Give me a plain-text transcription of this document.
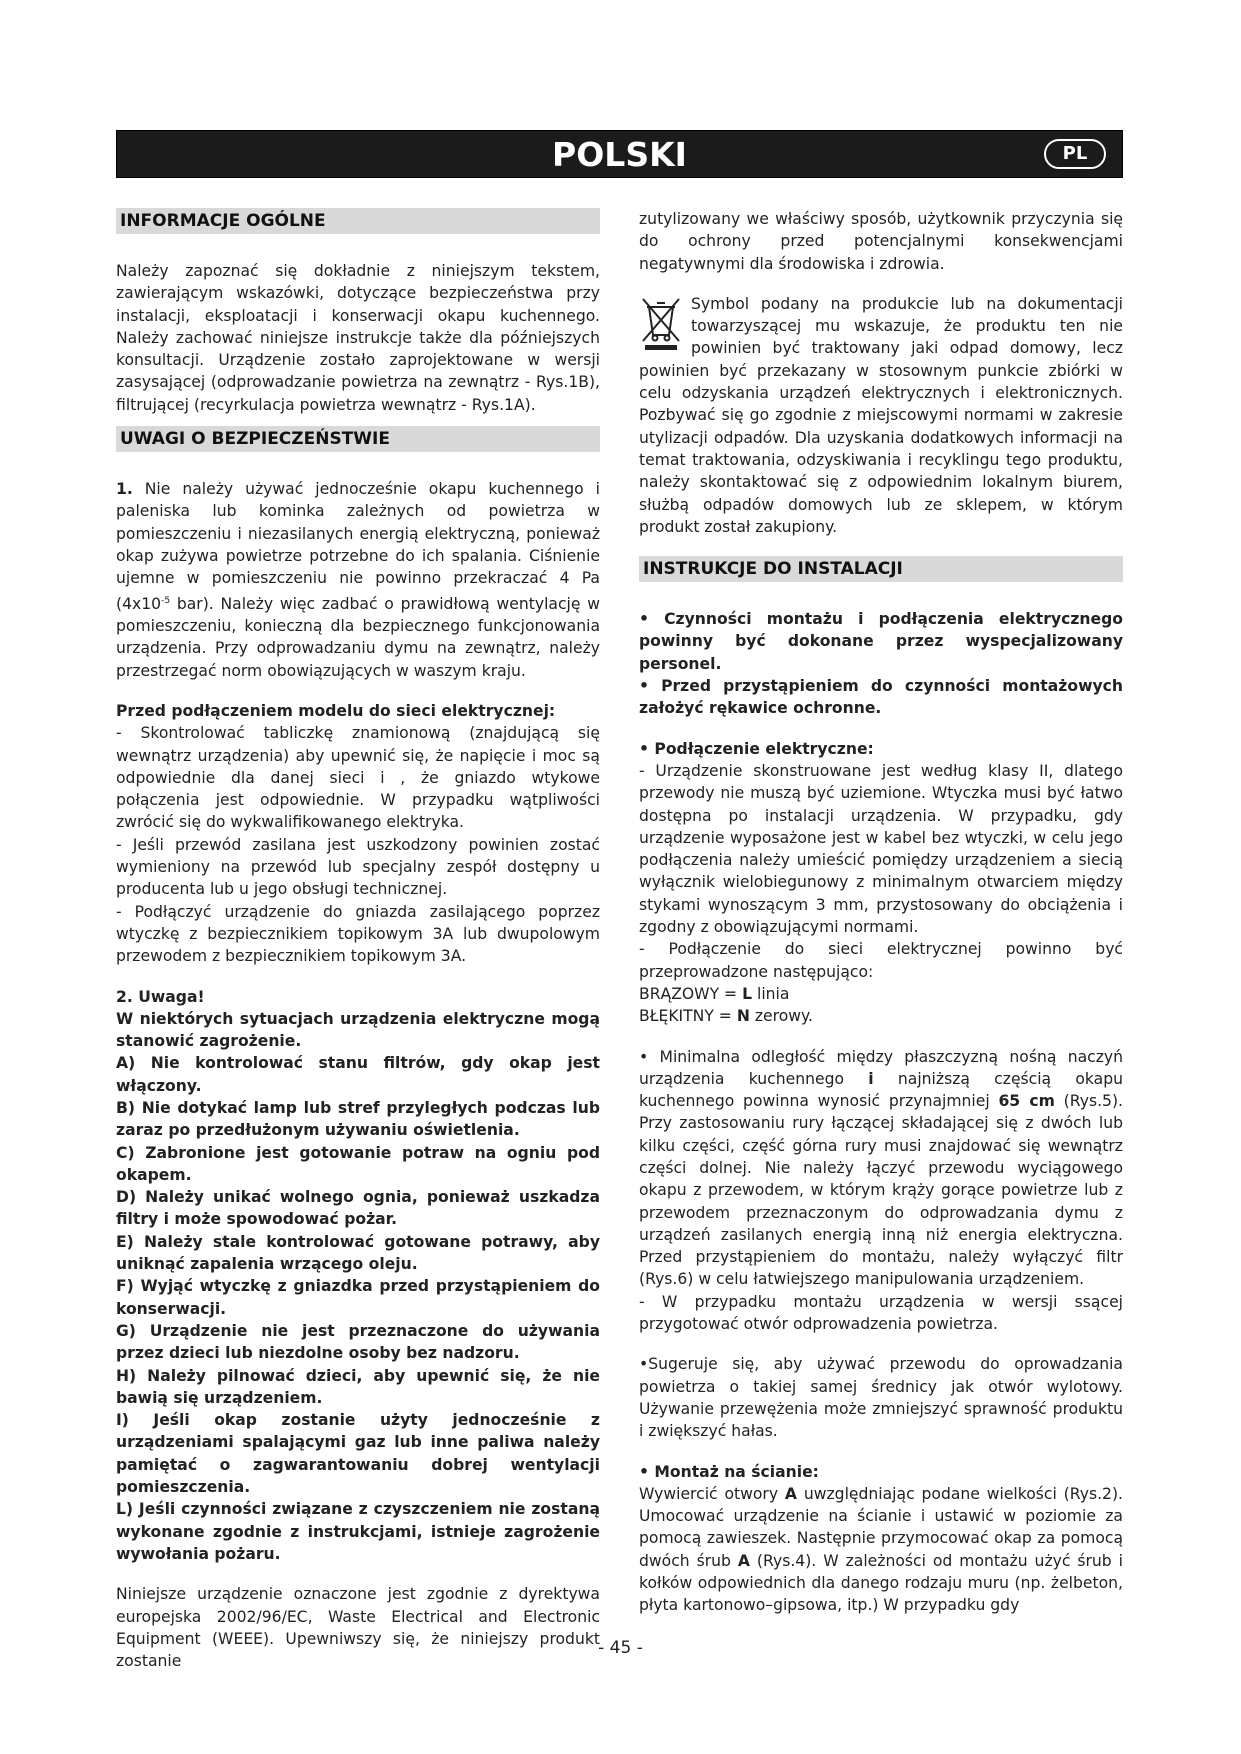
POLSKI	PL
INFORMACJE OGÓLNE

Należy zapoznać się dokładnie z niniejszym tekstem, zawierającym wskazówki, dotyczące bezpieczeństwa przy instalacji, eksploatacji i konserwacji okapu kuchennego. Należy zachować niniejsze instrukcje także dla późniejszych konsultacji. Urządzenie zostało zaprojektowane w wersji zasysającej (odprowadzanie powietrza na zewnątrz - Rys.1B), filtrującej (recyrkulacja powietrza wewnątrz - Rys.1A).

UWAGI O BEZPIECZEŃSTWIE

1. Nie należy używać jednocześnie okapu kuchennego i paleniska lub kominka zależnych od powietrza w pomieszczeniu i niezasilanych energią elektryczną, ponieważ okap zużywa powietrze potrzebne do ich spalania. Ciśnienie ujemne w pomieszczeniu nie powinno przekraczać 4 Pa ($4x10^{-5}$ bar). Należy więc zadbać o prawidłową wentylację w pomieszczeniu, konieczną dla bezpiecznego funkcjonowania urządzenia. Przy odprowadzaniu dymu na zewnątrz, należy przestrzegać norm obowiązujących w waszym kraju.

Przed podłączeniem modelu do sieci elektrycznej:

- Skontrolować tabliczkę znamionową (znajdującą się wewnątrz urządzenia) aby upewnić się, że napięcie i moc są odpowiednie dla danej sieci i , że gniazdo wtykowe połączenia jest odpowiednie. W przypadku wątpliwości zwrócić się do wykwalifikowanego elektryka.

- Jeśli przewód zasilana jest uszkodzony powinien zostać wymieniony na przewód lub specjalny zespół dostępny u producenta lub u jego obsługi technicznej.

- Podłączyć urządzenie do gniazda zasilającego poprzez wtyczkę z bezpiecznikiem topikowym 3A lub dwupolowym przewodem z bezpiecznikiem topikowym 3A.

2. Uwaga!

W niektórych sytuacjach urządzenia elektryczne mogą stanowić zagrożenie.

A) Nie kontrolować stanu filtrów, gdy okap jest włączony.

B) Nie dotykać lamp lub stref przyległych podczas lub zaraz po przedłużonym używaniu oświetlenia.

C) Zabronione jest gotowanie potraw na ogniu pod okapem.

D) Należy unikać wolnego ognia, ponieważ uszkadza filtry i może spowodować pożar.

E) Należy stale kontrolować gotowane potrawy, aby uniknąć zapalenia wrzącego oleju.

F) Wyjąć wtyczkę z gniazdka przed przystąpieniem do konserwacji.

G) Urządzenie nie jest przeznaczone do używania przez dzieci lub niezdolne osoby bez nadzoru.

H) Należy pilnować dzieci, aby upewnić się, że nie bawią się urządzeniem.

I) Jeśli okap zostanie użyty jednocześnie z urządzeniami spalającymi gaz lub inne paliwa należy pamiętać o zagwarantowaniu dobrej wentylacji pomieszczenia.

L) Jeśli czynności związane z czyszczeniem nie zostaną wykonane zgodnie z instrukcjami, istnieje zagrożenie wywołania pożaru.

Niniejsze urządzenie oznaczone jest zgodnie z dyrektywa europejska 2002/96/EC, Waste Electrical and Electronic Equipment (WEEE). Upewniwszy się, że niniejszy produkt zostanie

zutylizowany we właściwy sposób, użytkownik przyczynia się do ochrony przed potencjalnymi konsekwencjami negatywnymi dla środowiska i zdrowia.

Symbol podany na produkcie lub na dokumentacji towarzyszącej mu wskazuje, że produktu ten nie powinien być traktowany jaki odpad domowy, lecz powinien być przekazany w stosownym punkcie zbiórki w celu odzyskania urządzeń elektrycznych i elektronicznych. Pozbywać się go zgodnie z miejscowymi normami w zakresie utylizacji odpadów. Dla uzyskania dodatkowych informacji na temat traktowania, odzyskiwania i recyklingu tego produktu, należy skontaktować się z odpowiednim lokalnym biurem, służbą odpadów domowych lub ze sklepem, w którym produkt został zakupiony.

INSTRUKCJE DO INSTALACJI

• Czynności montażu i podłączenia elektrycznego powinny być dokonane przez wyspecjalizowany personel.

• Przed przystąpieniem do czynności montażowych założyć rękawice ochronne.

• Podłączenie elektryczne:

- Urządzenie skonstruowane jest według klasy II, dlatego przewody nie muszą być uziemione. Wtyczka musi być łatwo dostępna po instalacji urządzenia. W przypadku, gdy urządzenie wyposażone jest w kabel bez wtyczki, w celu jego podłączenia należy umieścić pomiędzy urządzeniem a siecią wyłącznik wielobiegunowy z minimalnym otwarciem między stykami wynoszącym 3 mm, przystosowany do obciążenia i zgodny z obowiązującymi normami.

- Podłączenie do sieci elektrycznej powinno być przeprowadzone następująco:

BRĄZOWY = L linia

BŁĘKITNY = N zerowy.

• Minimalna odległość między płaszczyzną nośną naczyń urządzenia kuchennego i najniższą częścią okapu kuchennego powinna wynosić przynajmniej 65 cm (Rys.5). Przy zastosowaniu rury łączącej składającej się z dwóch lub kilku części, część górna rury musi znajdować się wewnątrz części dolnej. Nie należy łączyć przewodu wyciągowego okapu z przewodem, w którym krąży gorące powietrze lub z przewodem przeznaczonym do odprowadzania dymu z urządzeń zasilanych energią inną niż energia elektryczna. Przed przystąpieniem do montażu, należy wyłączyć filtr (Rys.6) w celu łatwiejszego manipulowania urządzeniem.

- W przypadku montażu urządzenia w wersji ssącej przygotować otwór odprowadzenia powietrza.

•Sugeruje się, aby używać przewodu do oprowadzania powietrza o takiej samej średnicy jak otwór wylotowy. Używanie przewężenia może zmniejszyć sprawność produktu i zwiększyć hałas.

• Montaż na ścianie:

Wywiercić otwory A uwzględniając podane wielkości (Rys.2). Umocować urządzenie na ścianie i ustawić w poziomie za pomocą zawieszek. Następnie przymocować okap za pomocą dwóch śrub A (Rys.4). W zależności od montażu użyć śrub i kołków odpowiednich dla danego rodzaju muru (np. żelbeton, płyta kartonowo–gipsowa, itp.) W przypadku gdy

- 45 -
